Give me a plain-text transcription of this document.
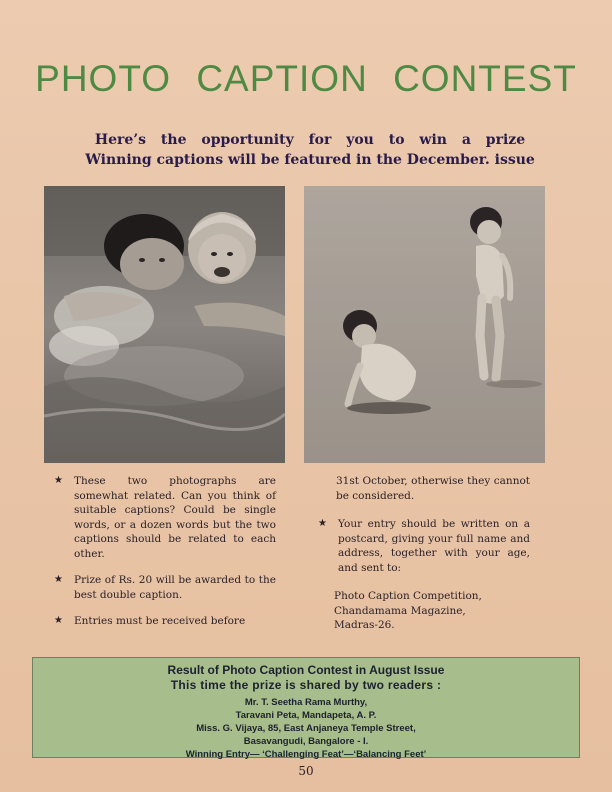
PHOTO CAPTION CONTEST
Here’s the opportunity for you to win a prize
Winning captions will be featured in the December. issue
★ These two photographs are somewhat related. Can you think of suitable captions? Could be single words, or a dozen words but the two captions should be related to each other.
★ Prize of Rs. 20 will be awarded to the best double caption.
★ Entries must be received before
31st October, otherwise they cannot be considered.
★ Your entry should be written on a postcard, giving your full name and address, together with your age, and sent to:
Photo Caption Competition,
Chandamama Magazine,
Madras-26.
Result of Photo Caption Contest in August Issue
This time the prize is shared by two readers :
Mr. T. Seetha Rama Murthy,
Taravani Peta, Mandapeta, A. P.
Miss. G. Vijaya, 85, East Anjaneya Temple Street,
Basavangudi, Bangalore - I.
Winning Entry— ‘Challenging Feat’—‘Balancing Feet’
50
